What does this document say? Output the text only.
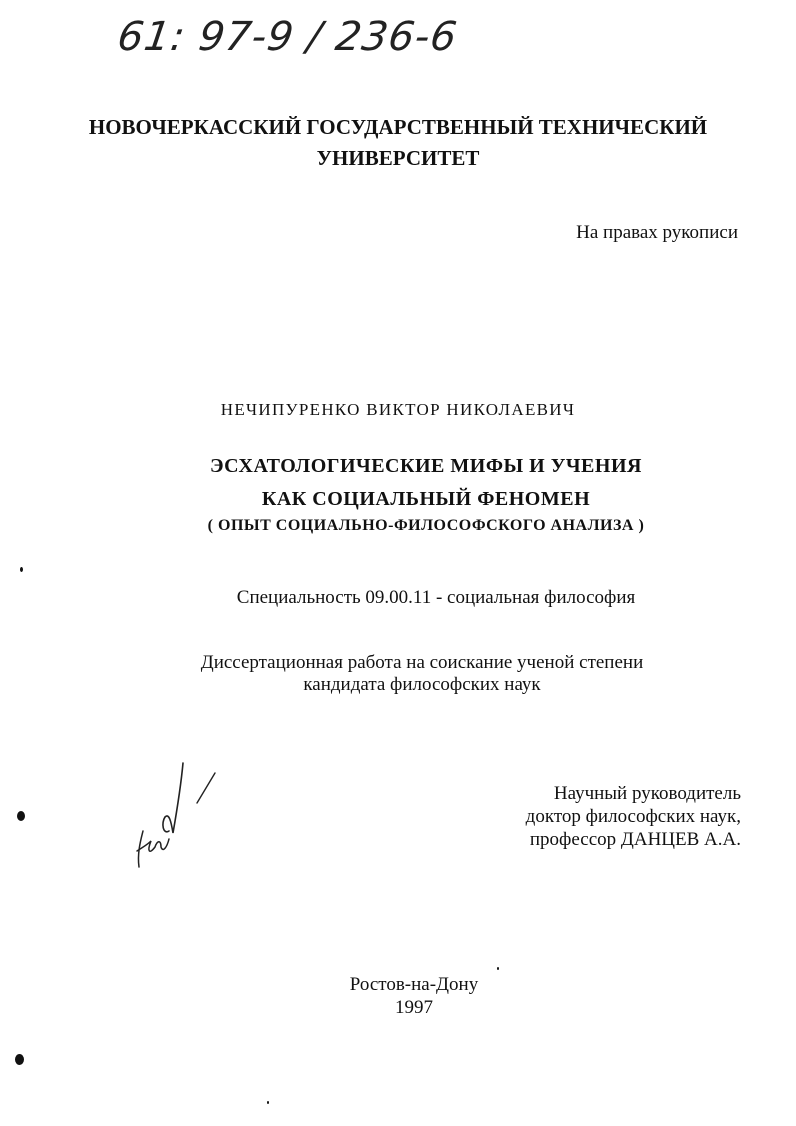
61: 97-9 / 236-6
НОВОЧЕРКАССКИЙ ГОСУДАРСТВЕННЫЙ ТЕХНИЧЕСКИЙ
УНИВЕРСИТЕТ
На правах рукописи
НЕЧИПУРЕНКО ВИКТОР НИКОЛАЕВИЧ
ЭСХАТОЛОГИЧЕСКИЕ МИФЫ И УЧЕНИЯ
КАК СОЦИАЛЬНЫЙ ФЕНОМЕН
( ОПЫТ СОЦИАЛЬНО-ФИЛОСОФСКОГО АНАЛИЗА )
Специальность 09.00.11 - социальная философия
Диссертационная работа на соискание ученой степени
кандидата философских наук
Научный руководитель
доктор философских наук,
профессор ДАНЦЕВ А.А.
Ростов-на-Дону
1997
